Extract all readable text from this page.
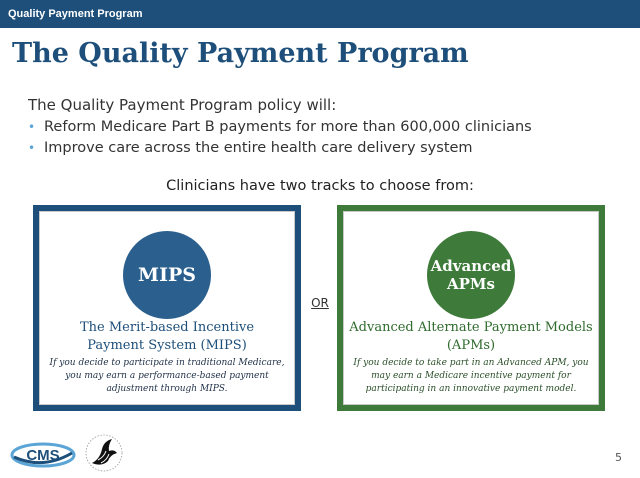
Quality Payment Program
The Quality Payment Program
The Quality Payment Program policy will:
• Reform Medicare Part B payments for more than 600,000 clinicians
• Improve care across the entire health care delivery system
Clinicians have two tracks to choose from:
MIPS
The Merit-based Incentive
Payment System (MIPS)
If you decide to participate in traditional Medicare, you may earn a performance-based payment adjustment through MIPS.
OR
Advanced
APMs
Advanced Alternate Payment Models
(APMs)
If you decide to take part in an Advanced APM, you may earn a Medicare incentive payment for participating in an innovative payment model.
CMS	5
